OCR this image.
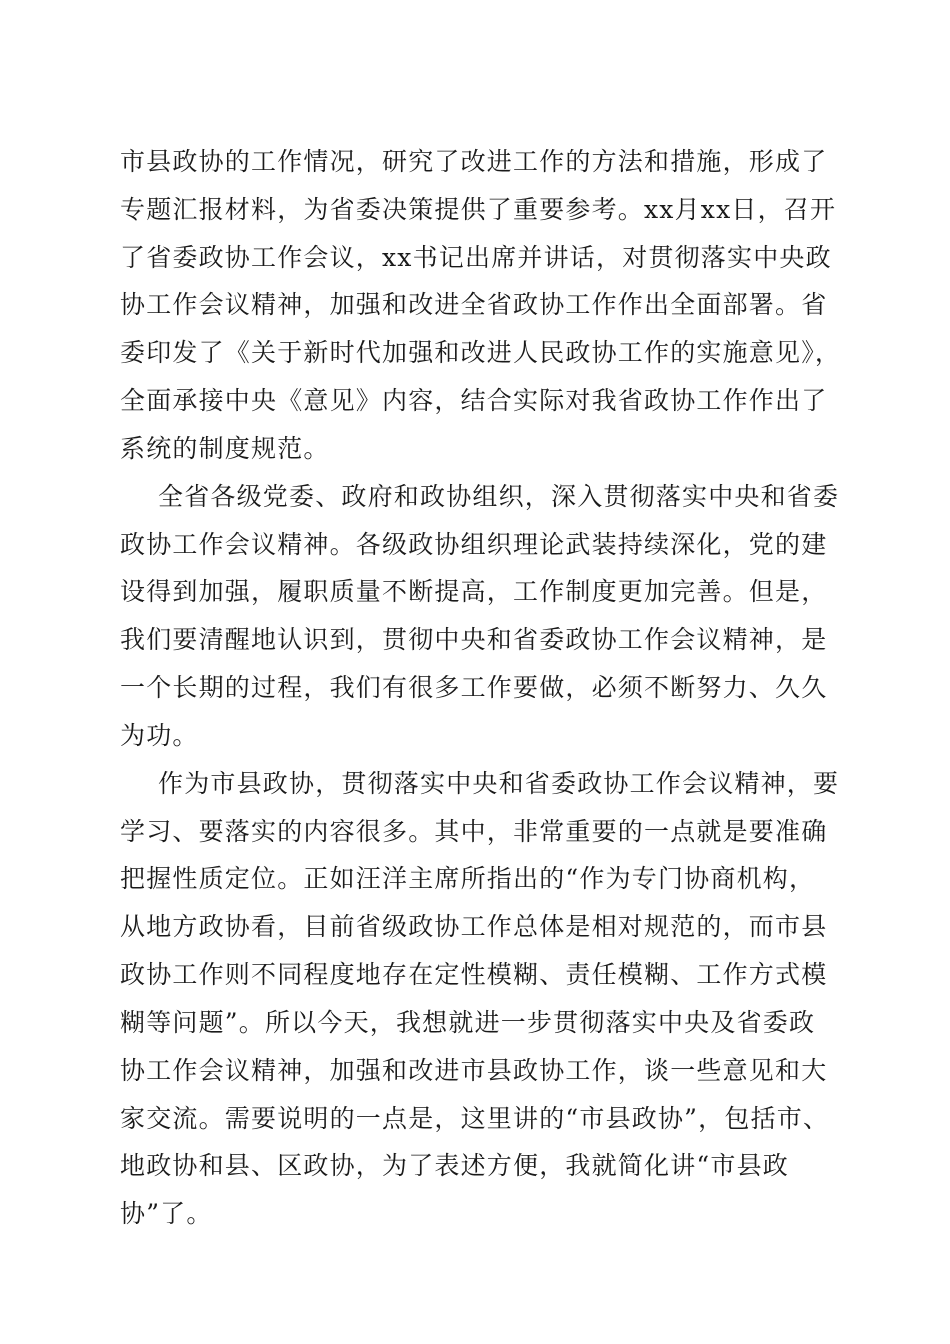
市县政协的工作情况，研究了改进工作的方法和措施，形成了
专题汇报材料，为省委决策提供了重要参考。xx月xx日，召开
了省委政协工作会议，xx书记出席并讲话，对贯彻落实中央政
协工作会议精神，加强和改进全省政协工作作出全面部署。省
委印发了《关于新时代加强和改进人民政协工作的实施意见》，
全面承接中央《意见》内容，结合实际对我省政协工作作出了
系统的制度规范。
全省各级党委、政府和政协组织，深入贯彻落实中央和省委
政协工作会议精神。各级政协组织理论武装持续深化，党的建
设得到加强，履职质量不断提高，工作制度更加完善。但是，
我们要清醒地认识到，贯彻中央和省委政协工作会议精神，是
一个长期的过程，我们有很多工作要做，必须不断努力、久久
为功。
作为市县政协，贯彻落实中央和省委政协工作会议精神，要
学习、要落实的内容很多。其中，非常重要的一点就是要准确
把握性质定位。正如汪洋主席所指出的“作为专门协商机构，
从地方政协看，目前省级政协工作总体是相对规范的，而市县
政协工作则不同程度地存在定性模糊、责任模糊、工作方式模
糊等问题”。所以今天，我想就进一步贯彻落实中央及省委政
协工作会议精神，加强和改进市县政协工作，谈一些意见和大
家交流。需要说明的一点是，这里讲的“市县政协”，包括市、
地政协和县、区政协，为了表述方便，我就简化讲“市县政
协”了。
